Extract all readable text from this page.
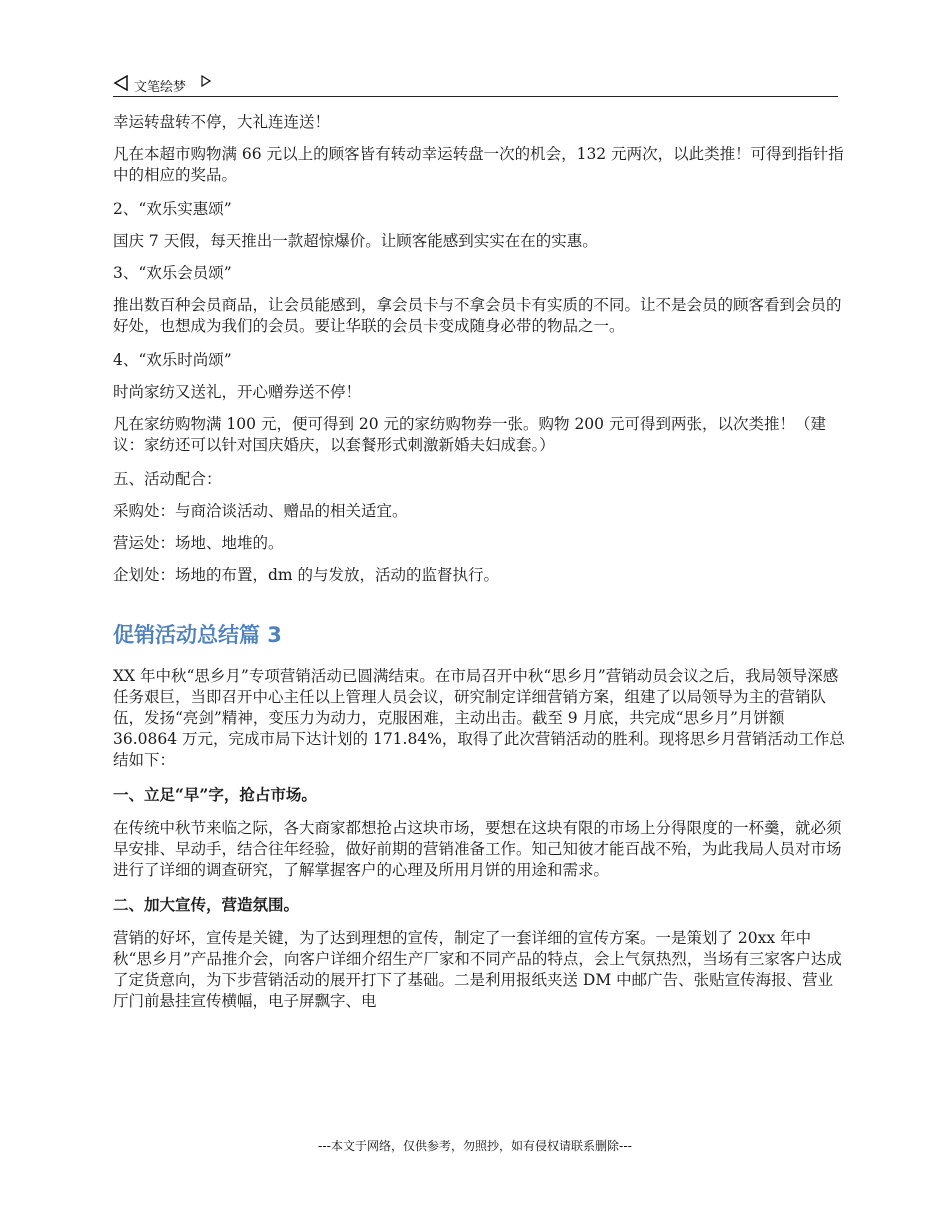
文笔绘梦

幸运转盘转不停，大礼连连送！

凡在本超市购物满 66 元以上的顾客皆有转动幸运转盘一次的机会，132 元两次，以此类推！可得到指针指中的相应的奖品。

2、“欢乐实惠颂”

国庆 7 天假，每天推出一款超惊爆价。让顾客能感到实实在在的实惠。

3、“欢乐会员颂”

推出数百种会员商品，让会员能感到，拿会员卡与不拿会员卡有实质的不同。让不是会员的顾客看到会员的好处，也想成为我们的会员。要让华联的会员卡变成随身必带的物品之一。

4、“欢乐时尚颂”

时尚家纺又送礼，开心赠券送不停！

凡在家纺购物满 100 元，便可得到 20 元的家纺购物券一张。购物 200 元可得到两张，以次类推！（建议：家纺还可以针对国庆婚庆，以套餐形式刺激新婚夫妇成套。）

五、活动配合：

采购处：与商洽谈活动、赠品的相关适宜。

营运处：场地、地堆的。

企划处：场地的布置，dm 的与发放，活动的监督执行。

促销活动总结篇 3

XX 年中秋“思乡月”专项营销活动已圆满结束。在市局召开中秋“思乡月”营销动员会议之后，我局领导深感任务艰巨，当即召开中心主任以上管理人员会议，研究制定详细营销方案，组建了以局领导为主的营销队伍，发扬“亮剑”精神，变压力为动力，克服困难，主动出击。截至 9 月底，共完成“思乡月”月饼额 36.0864 万元，完成市局下达计划的 171.84%，取得了此次营销活动的胜利。现将思乡月营销活动工作总结如下：

一、立足“早”字，抢占市场。

在传统中秋节来临之际，各大商家都想抢占这块市场，要想在这块有限的市场上分得限度的一杯羹，就必须早安排、早动手，结合往年经验，做好前期的营销准备工作。知己知彼才能百战不殆，为此我局人员对市场进行了详细的调查研究，了解掌握客户的心理及所用月饼的用途和需求。

二、加大宣传，营造氛围。

营销的好坏，宣传是关键，为了达到理想的宣传，制定了一套详细的宣传方案。一是策划了 20xx 年中秋“思乡月”产品推介会，向客户详细介绍生产厂家和不同产品的特点，会上气氛热烈，当场有三家客户达成了定货意向，为下步营销活动的展开打下了基础。二是利用报纸夹送 DM 中邮广告、张贴宣传海报、营业厅门前悬挂宣传横幅，电子屏飘字、电

---本文于网络，仅供参考，勿照抄，如有侵权请联系删除---
